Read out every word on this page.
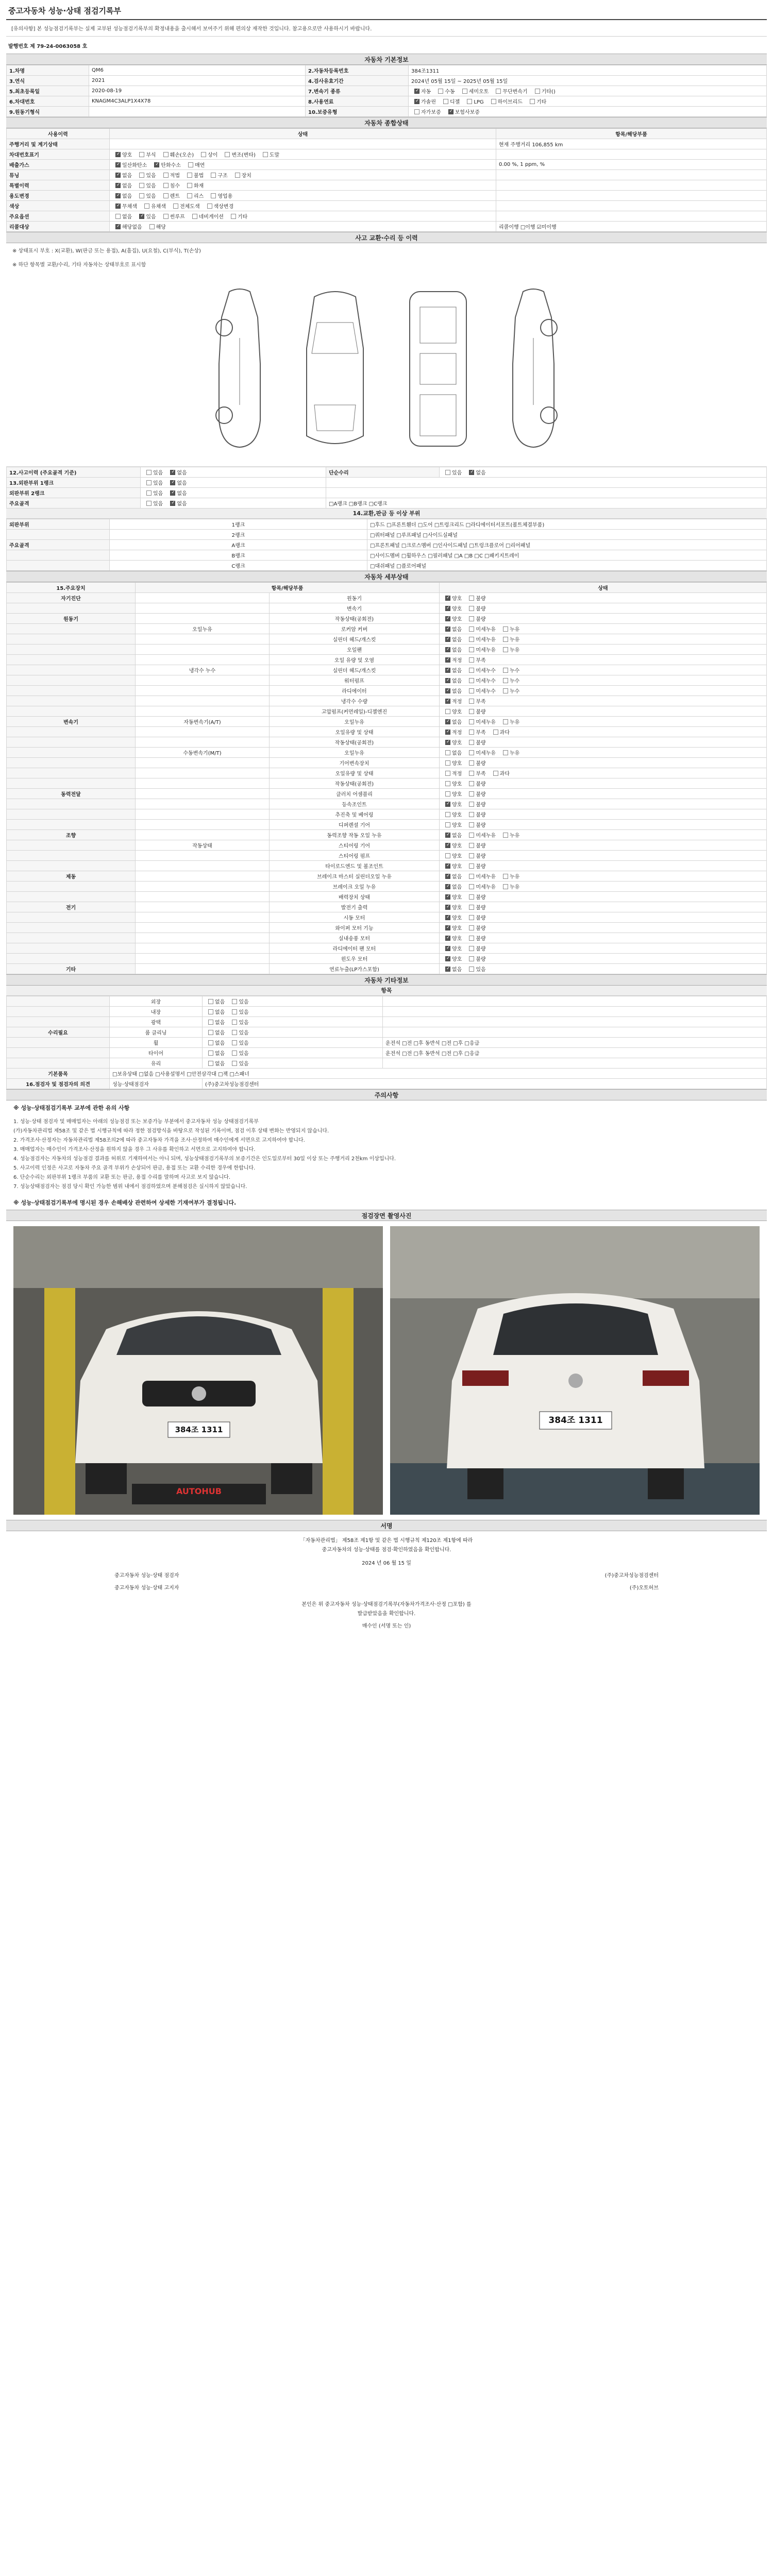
중고자동차 성능·상태 점검기록부
[유의사항] 본 성능점검기록부는 실제 교부된 성능점검기록부의 확정내용을 출시해서 보여주기 위해 편의상 재작한 것입니다. 참고용으로만 사용하시기 바랍니다.
발행번호 제 79-24-0063058 호
자동차 기본정보
1.차명	QM6	2.자동차등록번호	384조1311
3.연식	2021	4.검사유효기간	2024년 05월 15일 ~ 2025년 05월 15일
5.최초등록일	2020-08-19	7.변속기 종류	✓자동 수동 세미오토 무단변속기 기타()
6.차대번호	KNAGM4C3ALP1X4X78	8.사용연료	✓가솔린 디젤 LPG 하이브리드 기타
9.원동기형식		10.보증유형	자가보증 ✓ 보험사보증
자동차 종합상태
사용이력	상태	항목/해당부품
주행거리 및 계기상태		현재 주행거리 106,855 km
차대번호표기	✓양호 부식 훼손(오손) 상이 변조(변타) 도말	
배출가스	✓일산화탄소 ✓ 탄화수소 매연	0.00 %, 1 ppm, %
튜닝	✓없음 있음 적법 불법 구조 장치	
특별이력	✓없음 있음 침수 화재	
용도변경	✓없음 있음 렌트 리스 영업용	
색상	✓무채색 유채색 전체도색 색상변경	
주요옵션	없음 ✓ 있음 썬루프 네비게이션 기타	
리콜대상	✓해당없음 해당	리콜이행 □이행 ☑미이행
사고 교환·수리 등 이력
※ 상태표시 부호 : X(교환), W(판금 또는 용접), A(흠집), U(요철), C(부식), T(손상)
※ 하단 항목별 교환/수리, 기타 자동차는 상태부호로 표시함
12.사고이력 (주요골격 기준)	있음 ✓ 없음	단순수리	있음 ✓ 없음
13.외판부위 1랭크	있음 ✓ 없음	
외판부위 2랭크	있음 ✓ 없음	
주요골격	있음 ✓ 없음	□A랭크 □B랭크 □C랭크	
14.교환,판금 등 이상 부위
외판부위	1랭크	□후드 □프론트휀더 □도어 □트렁크리드 □라디에이터서포트(볼트체결부품)
	2랭크	□쿼터패널 □루프패널 □사이드실패널
주요골격	A랭크	□프론트패널 □크로스멤버 □인사이드패널 □트렁크플로어 □리어패널
	B랭크	□사이드멤버 □휠하우스 □필러패널 □A □B □C □패키지트레이
	C랭크	□대쉬패널 □플로어패널
자동차 세부상태
15.주요장치	항목/해당부품		상태
자기진단		원동기	✓양호 불량
		변속기	✓양호 불량
원동기		작동상태(공회전)	✓양호 불량
	오일누유	로커암 커버	✓없음 미세누유 누유
		실린더 헤드/개스킷	✓없음 미세누유 누유
		오일팬	✓없음 미세누유 누유
		오일 유량 및 오염	✓적정 부족
	냉각수 누수	실린더 헤드/개스킷	✓없음 미세누수 누수
		워터펌프	✓없음 미세누수 누수
		라디에이터	✓없음 미세누수 누수
		냉각수 수량	✓적정 부족
		고압펌프(커먼레일)-디젤엔진	양호 불량
변속기	자동변속기(A/T)	오일누유	✓없음 미세누유 누유
		오일유량 및 상태	✓적정 부족 과다
		작동상태(공회전)	✓양호 불량
	수동변속기(M/T)	오일누유	없음 미세누유 누유
		기어변속장치	양호 불량
		오일유량 및 상태	적정 부족 과다
		작동상태(공회전)	양호 불량
동력전달		클러치 어셈블리	양호 불량
		등속조인트	✓양호 불량
		추진축 및 베어링	양호 불량
		디퍼렌셜 기어	양호 불량
조향		동력조향 작동 오일 누유	✓없음 미세누유 누유
	작동상태	스티어링 기어	✓양호 불량
		스티어링 펌프	양호 불량
		타이로드엔드 및 볼조인트	✓양호 불량
제동		브레이크 마스터 실린더오일 누유	✓없음 미세누유 누유
		브레이크 오일 누유	✓없음 미세누유 누유
		배력장치 상태	✓양호 불량
전기		발전기 출력	✓양호 불량
		시동 모터	✓양호 불량
		와이퍼 모터 기능	✓양호 불량
		실내송풍 모터	✓양호 불량
		라디에이터 팬 모터	✓양호 불량
		윈도우 모터	✓양호 불량
기타		연료누출(LP가스포함)	✓없음 있음
자동차 기타정보
항목
	외장	없음 있음	
	내장	없음 있음	
	광택	없음 있음	
수리필요	룸 클리닝	없음 있음	
	휠	없음 있음	운전석 □전 □후 동반석 □전 □후 □응급
	타이어	없음 있음	운전석 □전 □후 동반석 □전 □후 □응급
	유리	없음 있음	
기본품목	□보유상태 □없음 □사용설명서 □안전삼각대 □잭 □스패너		
16.점검자 및 점검자의 의견	성능·상태점검자	(주)중고차성능점검센터	
주의사항
※ 성능·상태점검기록부 교부에 관한 유의 사항

1. 성능·상태 점검자 및 매매업자는 아래의 성능점검 또는 보증가능 부분에서 중고자동차 성능 상태점검기록부

(가)자동차관리법 제58조 및 같은 법 시행규칙에 따라 정한 점검방식을 바탕으로 작성된 기록이며, 점검 이후 상태 변화는 반영되지 않습니다.

2. 가격조사·산정자는 자동차관리법 제58조의2에 따라 중고자동차 가격을 조사·산정하여 매수인에게 서면으로 고지하여야 합니다.

3. 매매업자는 매수인이 가격조사·산정을 원하지 않을 경우 그 사유를 확인하고 서면으로 고지하여야 합니다.

4. 성능점검자는 자동차의 성능점검 결과를 허위로 기재하여서는 아니 되며, 성능상태점검기록부의 보증기간은 인도일로부터 30일 이상 또는 주행거리 2천km 이상입니다.

5. 사고이력 인정은 사고로 자동차 주요 골격 부위가 손상되어 판금, 용접 또는 교환 수리한 경우에 한합니다.

6. 단순수리는 외판부위 1랭크 부품의 교환 또는 판금, 용접 수리를 말하며 사고로 보지 않습니다.

7. 성능상태점검자는 점검 당시 확인 가능한 범위 내에서 점검하였으며 분해점검은 실시하지 않았습니다.

※ 성능·상태점검기록부에 명시된 경우 손해배상 관련하여 상세한 기재여부가 결정됩니다.
점검장면 촬영사진
384조 1311
AUTOHUB
384조 1311
서명
「자동차관리법」 제58조 제1항 및 같은 법 시행규칙 제120조 제1항에 따라
중고자동차의 성능·상태를 점검·확인하였음을 확인합니다.
2024 년 06 월 15 일
중고자동차 성능·상태 점검자	(주)중고차성능점검센터
중고자동차 성능·상태 고지자	(주)오토허브
본인은 위 중고자동차 성능·상태점검기록부(자동차가격조사·산정 □포함) 를
발급받았음을 확인합니다.
매수인 (서명 또는 인)
